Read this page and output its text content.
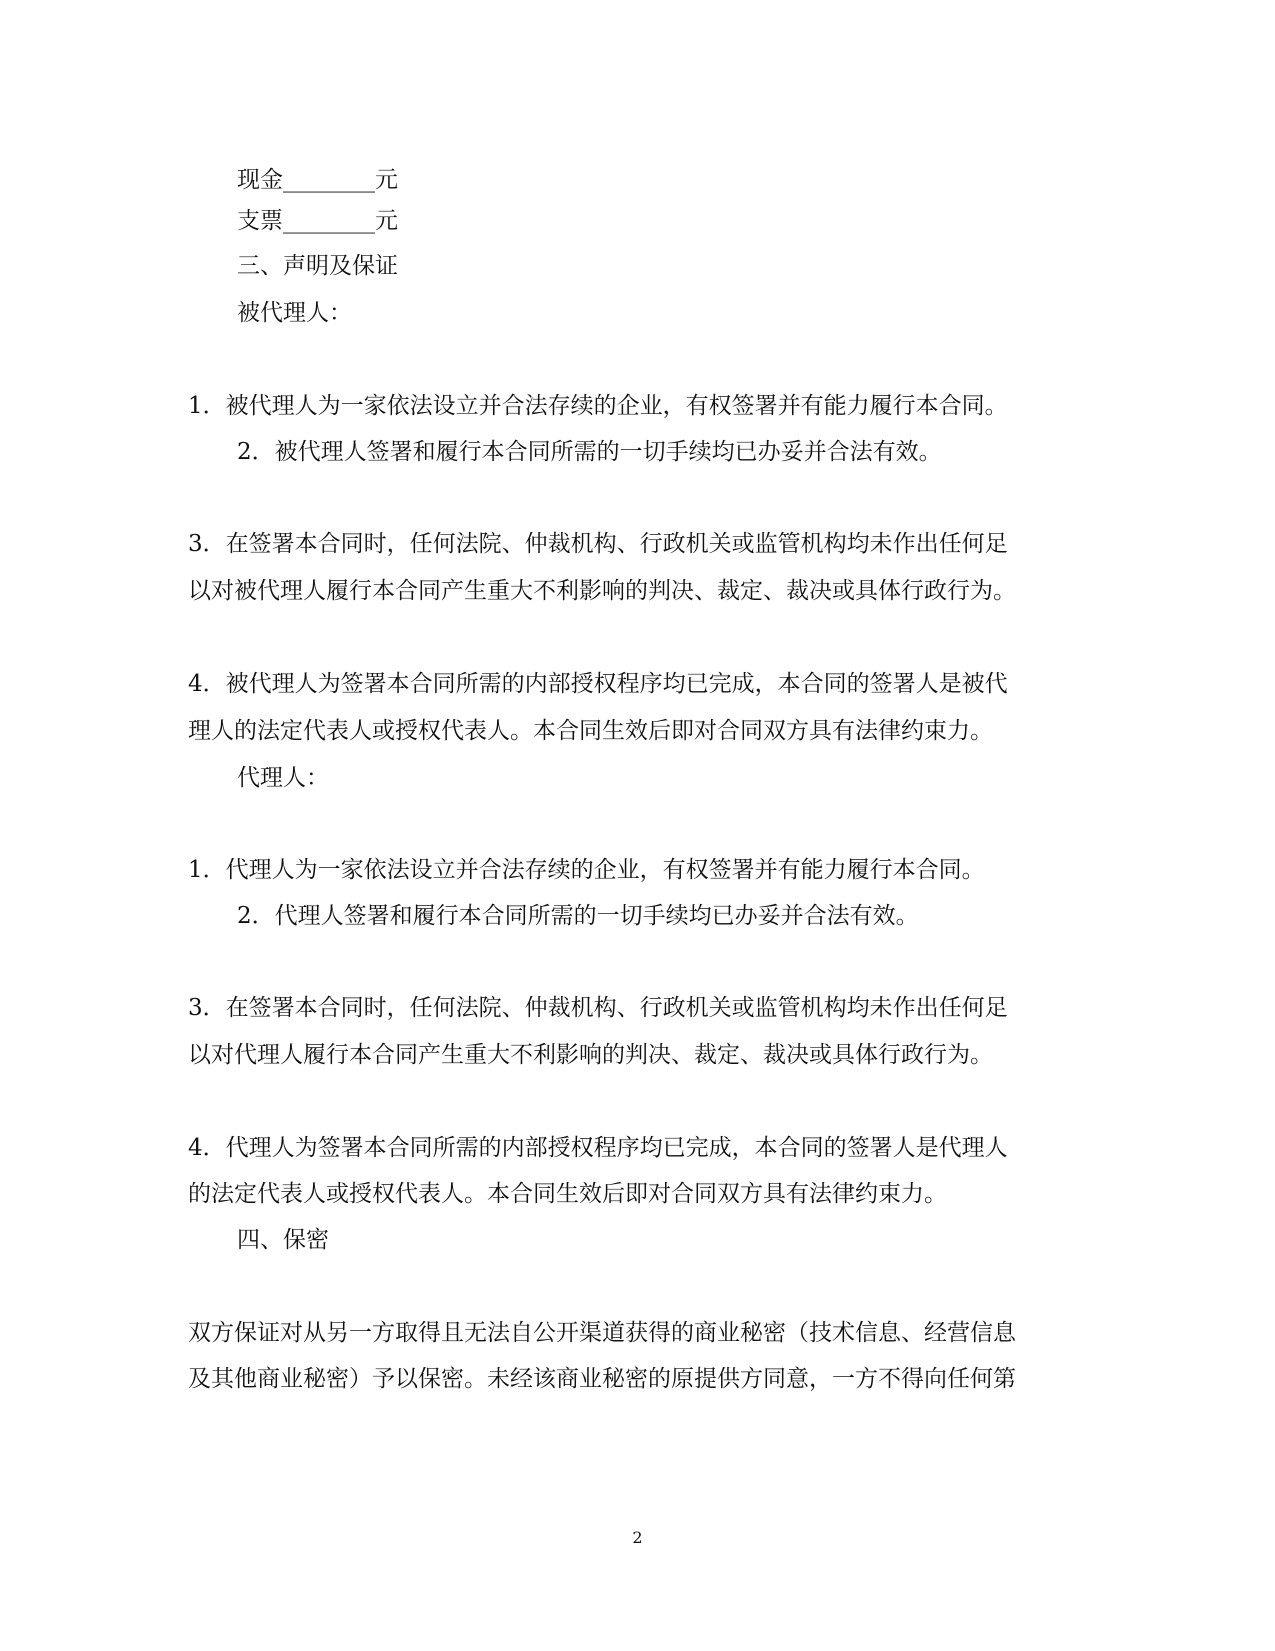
现金________元
支票________元
三、声明及保证
被代理人：
1．被代理人为一家依法设立并合法存续的企业，有权签署并有能力履行本合同。
2．被代理人签署和履行本合同所需的一切手续均已办妥并合法有效。
3．在签署本合同时，任何法院、仲裁机构、行政机关或监管机构均未作出任何足
以对被代理人履行本合同产生重大不利影响的判决、裁定、裁决或具体行政行为。
4．被代理人为签署本合同所需的内部授权程序均已完成，本合同的签署人是被代
理人的法定代表人或授权代表人。本合同生效后即对合同双方具有法律约束力。
代理人：
1．代理人为一家依法设立并合法存续的企业，有权签署并有能力履行本合同。
2．代理人签署和履行本合同所需的一切手续均已办妥并合法有效。
3．在签署本合同时，任何法院、仲裁机构、行政机关或监管机构均未作出任何足
以对代理人履行本合同产生重大不利影响的判决、裁定、裁决或具体行政行为。
4．代理人为签署本合同所需的内部授权程序均已完成，本合同的签署人是代理人
的法定代表人或授权代表人。本合同生效后即对合同双方具有法律约束力。
四、保密
双方保证对从另一方取得且无法自公开渠道获得的商业秘密（技术信息、经营信息
及其他商业秘密）予以保密。未经该商业秘密的原提供方同意，一方不得向任何第
2
